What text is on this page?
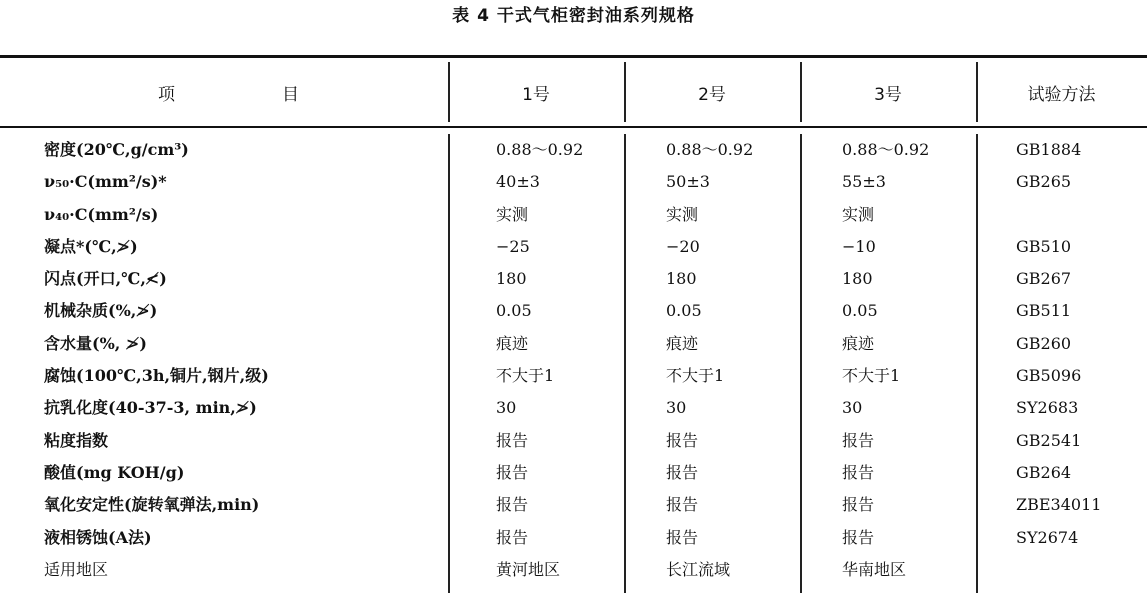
表 4 干式气柜密封油系列规格
项	目	1号	2号	3号	试验方法
密度(20℃,g/cm³)	0.88～0.92	0.88～0.92	0.88～0.92	GB1884
ν₅₀·C(mm²/s)*	40±3	50±3	55±3	GB265
ν₄₀·C(mm²/s)	实测	实测	实测
凝点*(℃,≯)	−25	−20	−10	GB510
闪点(开口,℃,≮)	180	180	180	GB267
机械杂质(%,≯)	0.05	0.05	0.05	GB511
含水量(%, ≯)	痕迹	痕迹	痕迹	GB260
腐蚀(100℃,3h,铜片,钢片,级)	不大于1	不大于1	不大于1	GB5096
抗乳化度(40-37-3, min,≯)	30	30	30	SY2683
粘度指数	报告	报告	报告	GB2541
酸值(mg KOH/g)	报告	报告	报告	GB264
氧化安定性(旋转氧弹法,min)	报告	报告	报告	ZBE34011
液相锈蚀(A法)	报告	报告	报告	SY2674
适用地区	黄河地区	长江流域	华南地区
